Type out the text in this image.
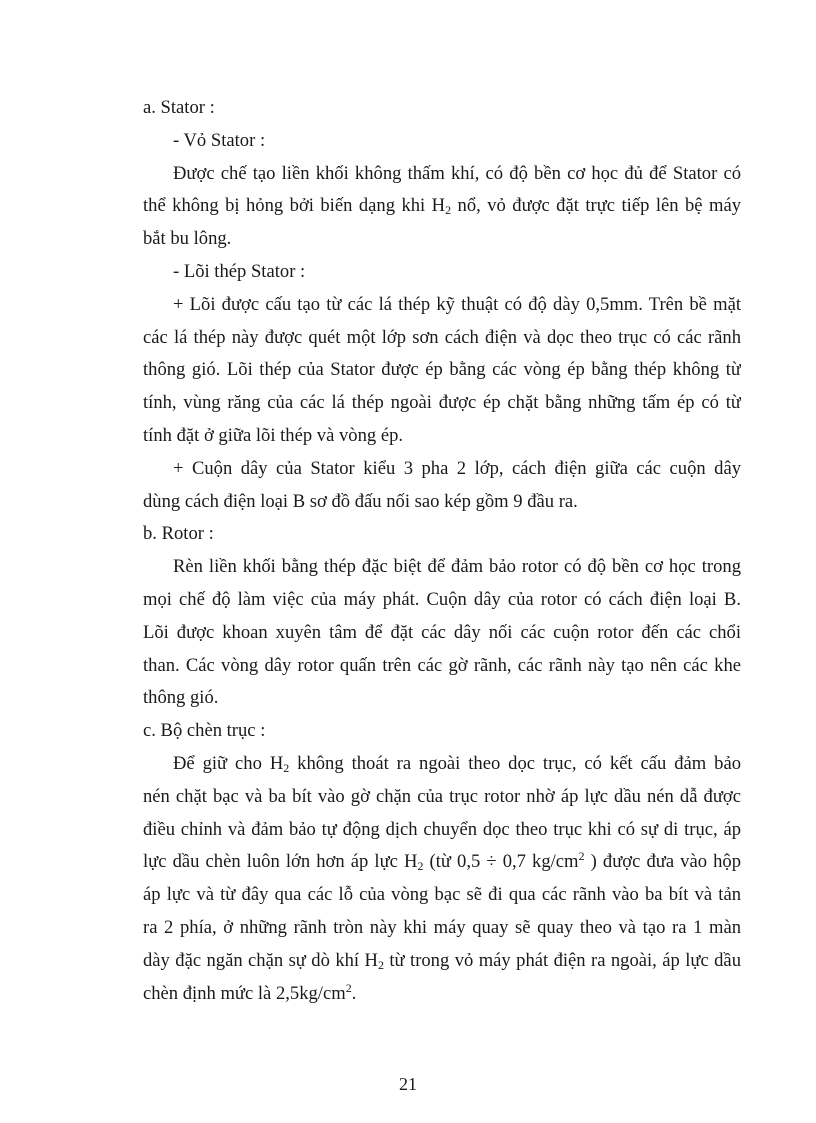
a. Stator :
- Vỏ Stator :
Được chế tạo liền khối không thấm khí, có độ bền cơ học đủ để Stator có
thể không bị hỏng bởi biến dạng khi $H_2$ nổ, vỏ được đặt trực tiếp lên bệ máy
bắt bu lông.
- Lõi thép Stator :
+ Lõi được cấu tạo từ các lá thép kỹ thuật có độ dày 0,5mm. Trên bề mặt
các lá thép này được quét một lớp sơn cách điện và dọc theo trục có các rãnh
thông gió. Lõi thép của Stator được ép bằng các vòng ép bằng thép không từ
tính, vùng răng của các lá thép ngoài được ép chặt bằng những tấm ép có từ
tính đặt ở giữa lõi thép và vòng ép.
+ Cuộn dây của Stator kiểu 3 pha 2 lớp, cách điện giữa các cuộn dây
dùng cách điện loại B sơ đồ đấu nối sao kép gồm 9 đầu ra.
b. Rotor :
Rèn liền khối bằng thép đặc biệt để đảm bảo rotor có độ bền cơ học trong
mọi chế độ làm việc của máy phát. Cuộn dây của rotor có cách điện loại B.
Lõi được khoan xuyên tâm để đặt các dây nối các cuộn rotor đến các chổi
than. Các vòng dây rotor quấn trên các gờ rãnh, các rãnh này tạo nên các khe
thông gió.
c. Bộ chèn trục :
Để giữ cho $H_2$ không thoát ra ngoài theo dọc trục, có kết cấu đảm bảo
nén chặt bạc và ba bít vào gờ chặn của trục rotor nhờ áp lực dầu nén dẫ được
điều chỉnh và đảm bảo tự động dịch chuyển dọc theo trục khi có sự di trục, áp
lực dầu chèn luôn lớn hơn áp lực $H_2$ (từ 0,5 ÷ 0,7 $kg/cm^2$ ) được đưa vào hộp
áp lực và từ đây qua các lỗ của vòng bạc sẽ đi qua các rãnh vào ba bít và tản
ra 2 phía, ở những rãnh tròn này khi máy quay sẽ quay theo và tạo ra 1 màn
dày đặc ngăn chặn sự dò khí $H_2$ từ trong vỏ máy phát điện ra ngoài, áp lực dầu
chèn định mức là $2,5kg/cm^2$.
21
